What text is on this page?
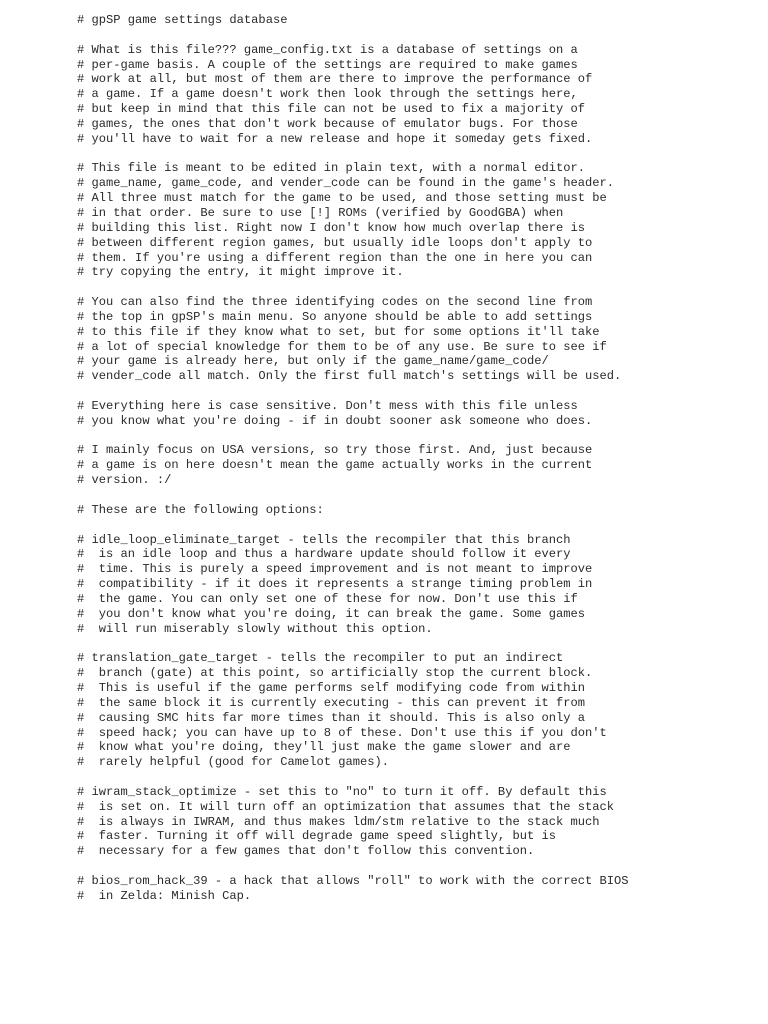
# gpSP game settings database
# What is this file??? game_config.txt is a database of settings on a
# per-game basis. A couple of the settings are required to make games
# work at all, but most of them are there to improve the performance of
# a game. If a game doesn't work then look through the settings here,
# but keep in mind that this file can not be used to fix a majority of
# games, the ones that don't work because of emulator bugs. For those
# you'll have to wait for a new release and hope it someday gets fixed.
# This file is meant to be edited in plain text, with a normal editor.
# game_name, game_code, and vender_code can be found in the game's header.
# All three must match for the game to be used, and those setting must be
# in that order. Be sure to use [!] ROMs (verified by GoodGBA) when
# building this list. Right now I don't know how much overlap there is
# between different region games, but usually idle loops don't apply to
# them. If you're using a different region than the one in here you can
# try copying the entry, it might improve it.
# You can also find the three identifying codes on the second line from
# the top in gpSP's main menu. So anyone should be able to add settings
# to this file if they know what to set, but for some options it'll take
# a lot of special knowledge for them to be of any use. Be sure to see if
# your game is already here, but only if the game_name/game_code/
# vender_code all match. Only the first full match's settings will be used.
# Everything here is case sensitive. Don't mess with this file unless
# you know what you're doing - if in doubt sooner ask someone who does.
# I mainly focus on USA versions, so try those first. And, just because
# a game is on here doesn't mean the game actually works in the current
# version. :/
# These are the following options:
# idle_loop_eliminate_target - tells the recompiler that this branch
#  is an idle loop and thus a hardware update should follow it every
#  time. This is purely a speed improvement and is not meant to improve
#  compatibility - if it does it represents a strange timing problem in
#  the game. You can only set one of these for now. Don't use this if
#  you don't know what you're doing, it can break the game. Some games
#  will run miserably slowly without this option.
# translation_gate_target - tells the recompiler to put an indirect
#  branch (gate) at this point, so artificially stop the current block.
#  This is useful if the game performs self modifying code from within
#  the same block it is currently executing - this can prevent it from
#  causing SMC hits far more times than it should. This is also only a
#  speed hack; you can have up to 8 of these. Don't use this if you don't
#  know what you're doing, they'll just make the game slower and are
#  rarely helpful (good for Camelot games).
# iwram_stack_optimize - set this to "no" to turn it off. By default this
#  is set on. It will turn off an optimization that assumes that the stack
#  is always in IWRAM, and thus makes ldm/stm relative to the stack much
#  faster. Turning it off will degrade game speed slightly, but is
#  necessary for a few games that don't follow this convention.
# bios_rom_hack_39 - a hack that allows "roll" to work with the correct BIOS
#  in Zelda: Minish Cap.
